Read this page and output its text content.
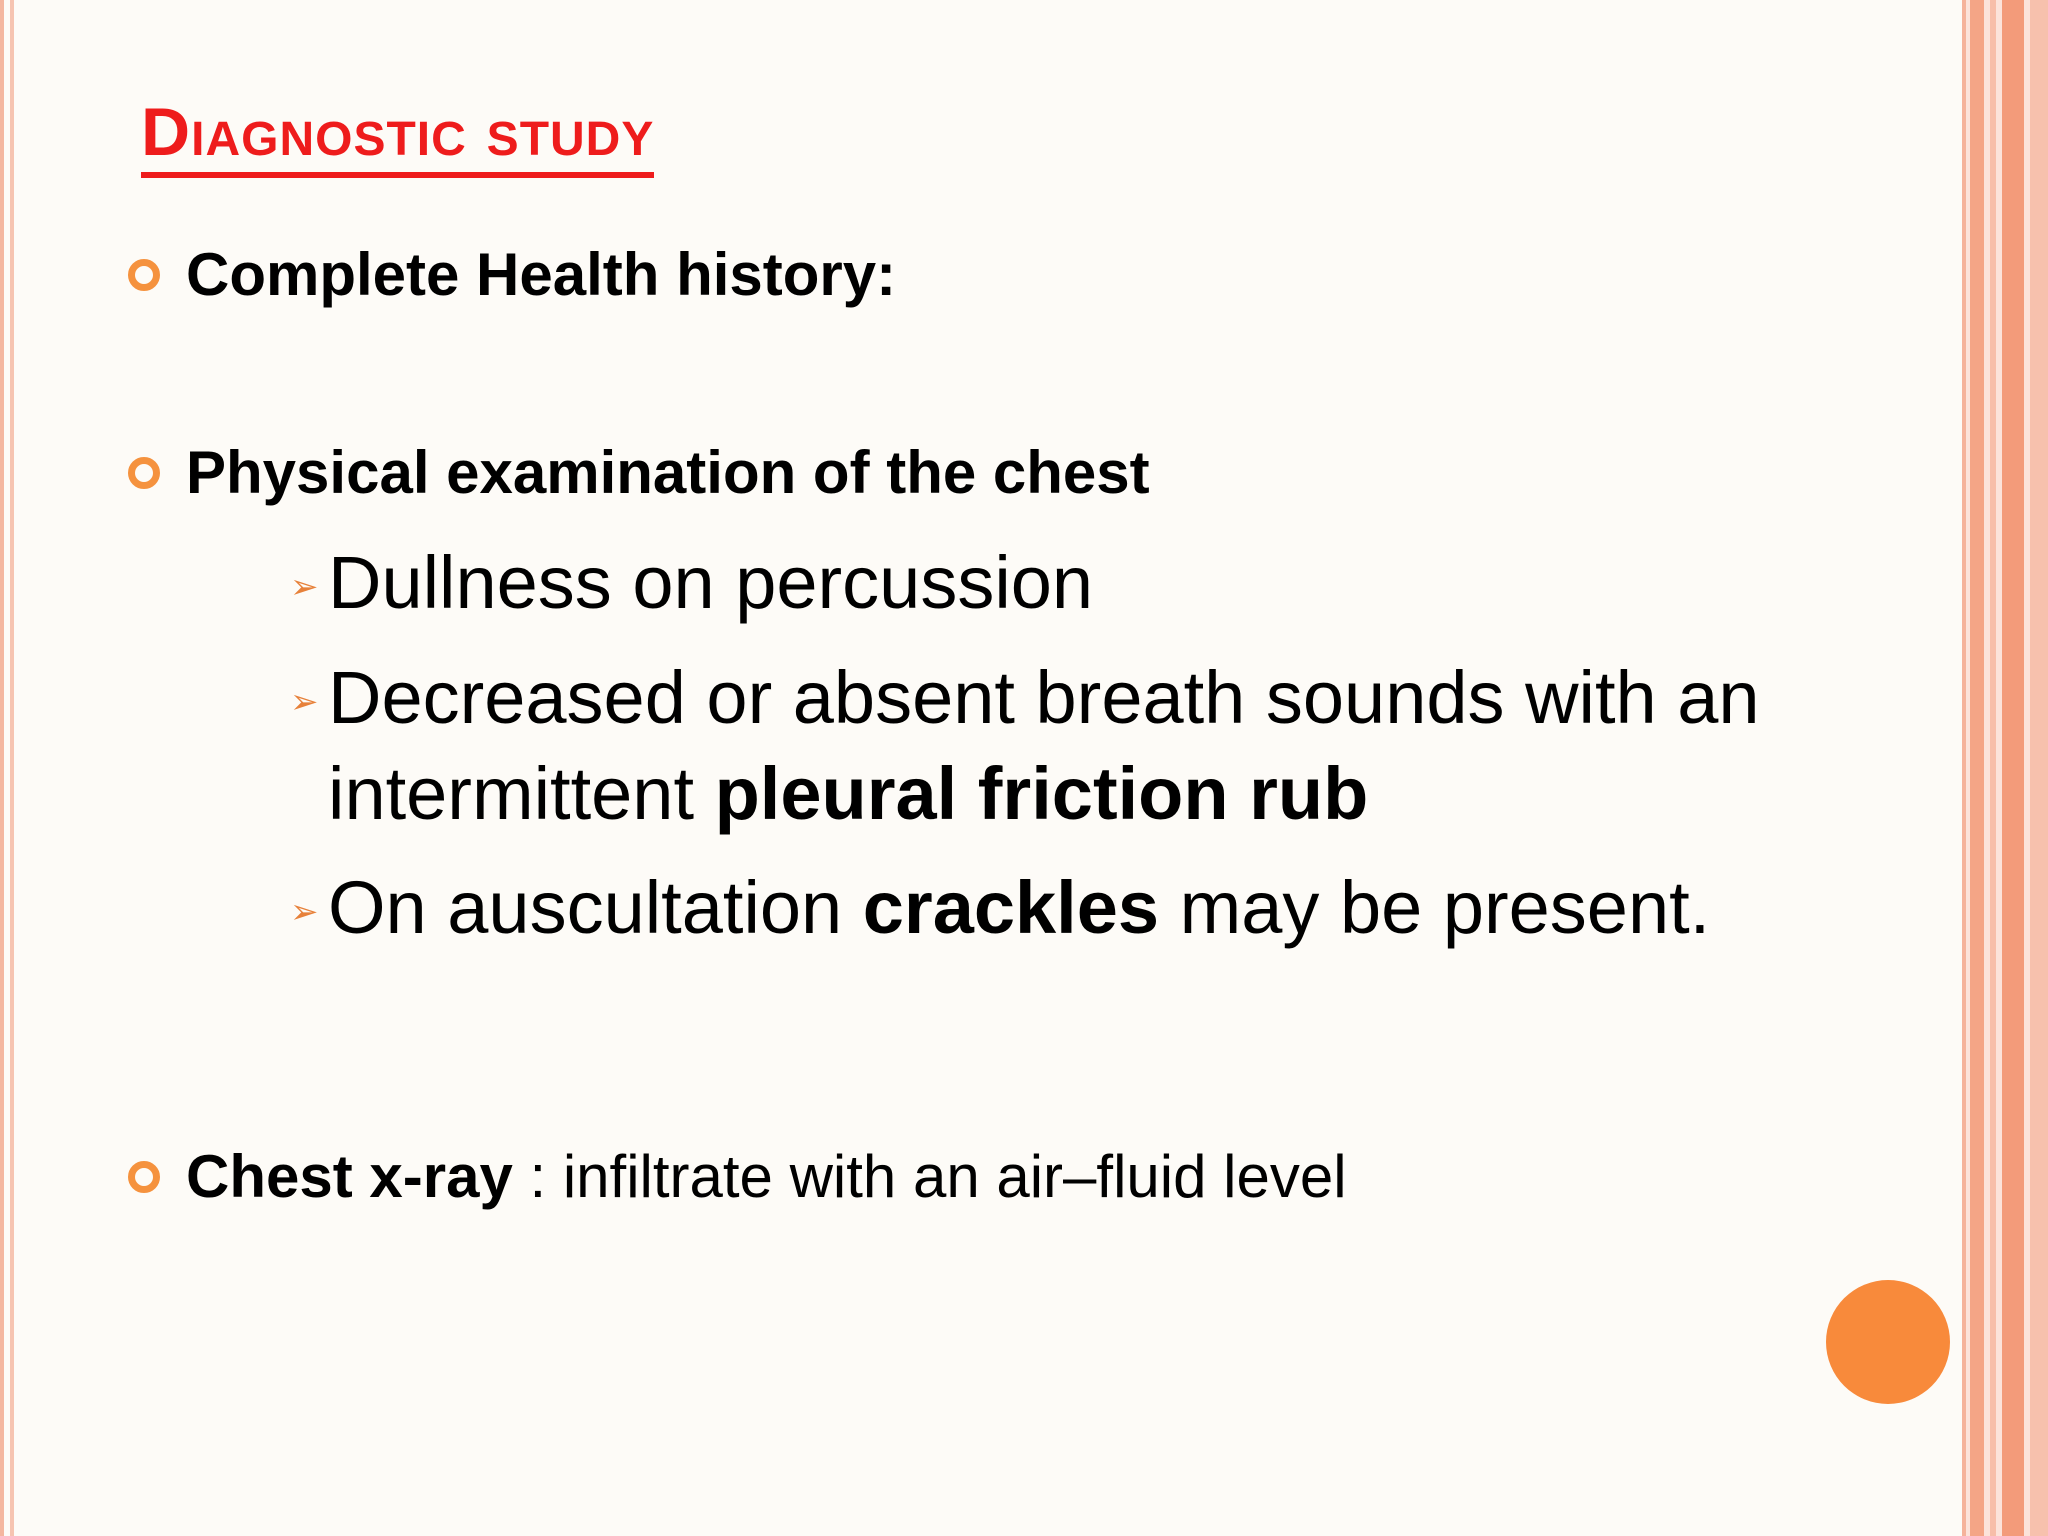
Diagnostic study
Complete Health history:
Physical examination of the chest
➢ Dullness on percussion
➢ Decreased or absent breath sounds with an
intermittent pleural friction rub
➢ On auscultation crackles may be present.
Chest x-ray : infiltrate with an air–fluid level
